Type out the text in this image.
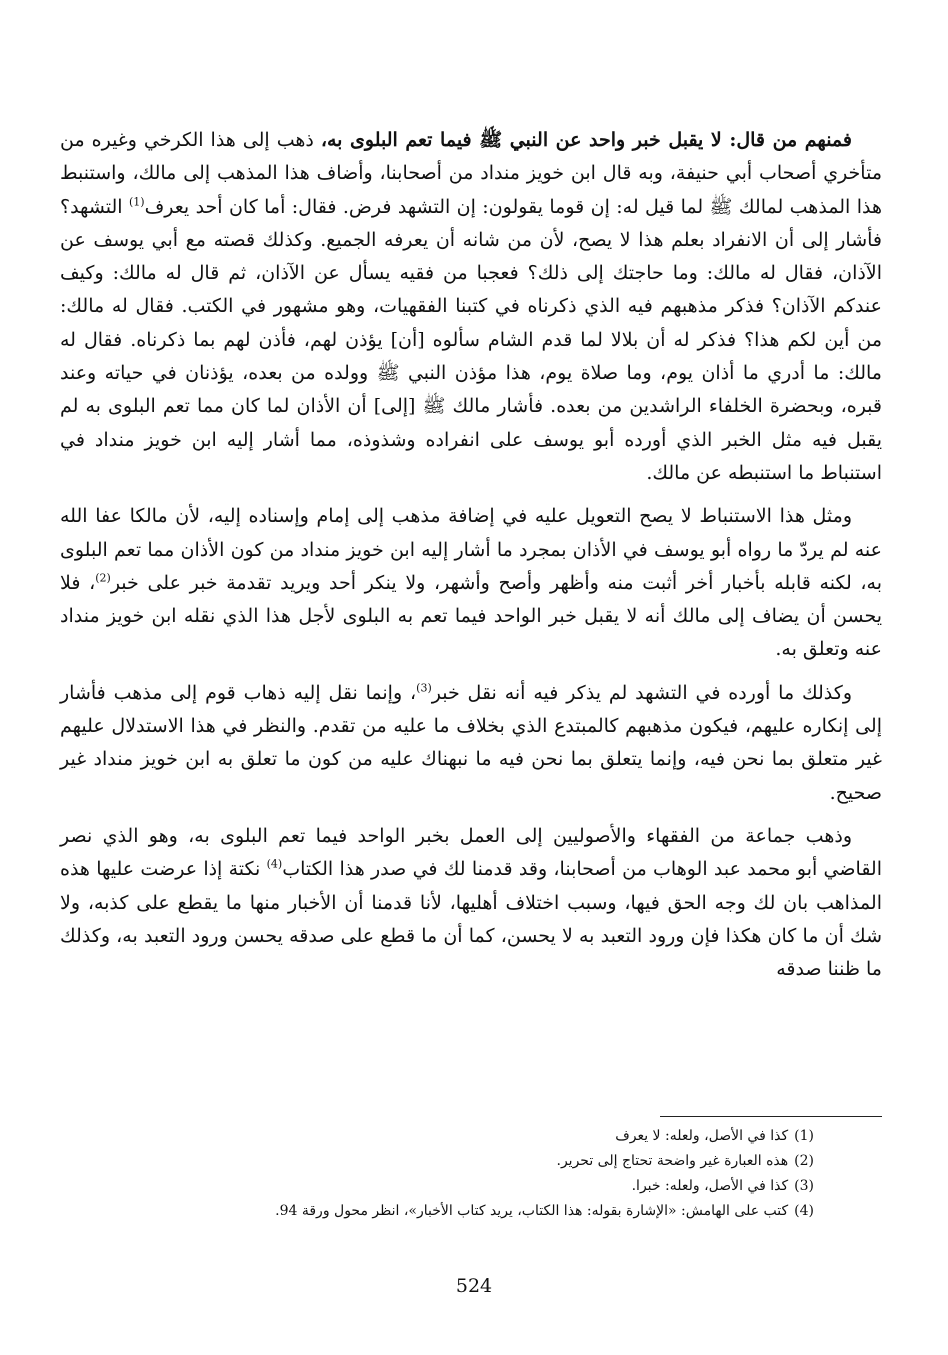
فمنهم من قال: لا يقبل خبر واحد عن النبي ﷺ فيما تعم البلوى به، ذهب إلى هذا الكرخي وغيره من متأخري أصحاب أبي حنيفة، وبه قال ابن خويز منداد من أصحابنا، وأضاف هذا المذهب إلى مالك، واستنبط هذا المذهب لمالك ﷺ لما قيل له: إن قوما يقولون: إن التشهد فرض. فقال: أما كان أحد يعرف$^{(1)}$ التشهد؟ فأشار إلى أن الانفراد بعلم هذا لا يصح، لأن من شانه أن يعرفه الجميع. وكذلك قصته مع أبي يوسف عن الآذان، فقال له مالك: وما حاجتك إلى ذلك؟ فعجبا من فقيه يسأل عن الآذان، ثم قال له مالك: وكيف عندكم الآذان؟ فذكر مذهبهم فيه الذي ذكرناه في كتبنا الفقهيات، وهو مشهور في الكتب. فقال له مالك: من أين لكم هذا؟ فذكر له أن بلالا لما قدم الشام سألوه [أن] يؤذن لهم، فأذن لهم بما ذكرناه. فقال له مالك: ما أدري ما أذان يوم، وما صلاة يوم، هذا مؤذن النبي ﷺ وولده من بعده، يؤذنان في حياته وعند قبره، وبحضرة الخلفاء الراشدين من بعده. فأشار مالك ﷺ [إلى] أن الأذان لما كان مما تعم البلوى به لم يقبل فيه مثل الخبر الذي أورده أبو يوسف على انفراده وشذوذه، مما أشار إليه ابن خويز منداد في استنباط ما استنبطه عن مالك.

ومثل هذا الاستنباط لا يصح التعويل عليه في إضافة مذهب إلى إمام وإسناده إليه، لأن مالكا عفا الله عنه لم يردّ ما رواه أبو يوسف في الأذان بمجرد ما أشار إليه ابن خويز منداد من كون الأذان مما تعم البلوى به، لكنه قابله بأخبار أخر أثبت منه وأظهر وأصح وأشهر، ولا ينكر أحد ويريد تقدمة خبر على خبر$^{(2)}$، فلا يحسن أن يضاف إلى مالك أنه لا يقبل خبر الواحد فيما تعم به البلوى لأجل هذا الذي نقله ابن خويز منداد عنه وتعلق به.

وكذلك ما أورده في التشهد لم يذكر فيه أنه نقل خبر$^{(3)}$، وإنما نقل إليه ذهاب قوم إلى مذهب فأشار إلى إنكاره عليهم، فيكون مذهبهم كالمبتدع الذي بخلاف ما عليه من تقدم. والنظر في هذا الاستدلال عليهم غير متعلق بما نحن فيه، وإنما يتعلق بما نحن فيه ما نبهناك عليه من كون ما تعلق به ابن خويز منداد غير صحيح.

وذهب جماعة من الفقهاء والأصوليين إلى العمل بخبر الواحد فيما تعم البلوى به، وهو الذي نصر القاضي أبو محمد عبد الوهاب من أصحابنا، وقد قدمنا لك في صدر هذا الكتاب$^{(4)}$ نكتة إذا عرضت عليها هذه المذاهب بان لك وجه الحق فيها، وسبب اختلاف أهليها، لأنا قدمنا أن الأخبار منها ما يقطع على كذبه، ولا شك أن ما كان هكذا فإن ورود التعبد به لا يحسن، كما أن ما قطع على صدقه يحسن ورود التعبد به، وكذلك ما ظننا صدقه

(1)
كذا في الأصل، ولعله: لا يعرف

(2)
هذه العبارة غير واضحة تحتاج إلى تحرير.

(3)
كذا في الأصل، ولعله: خبرا.

(4)
كتب على الهامش: «الإشارة بقوله: هذا الكتاب، يريد كتاب الأخبار»، انظر محول ورقة 94.

524
